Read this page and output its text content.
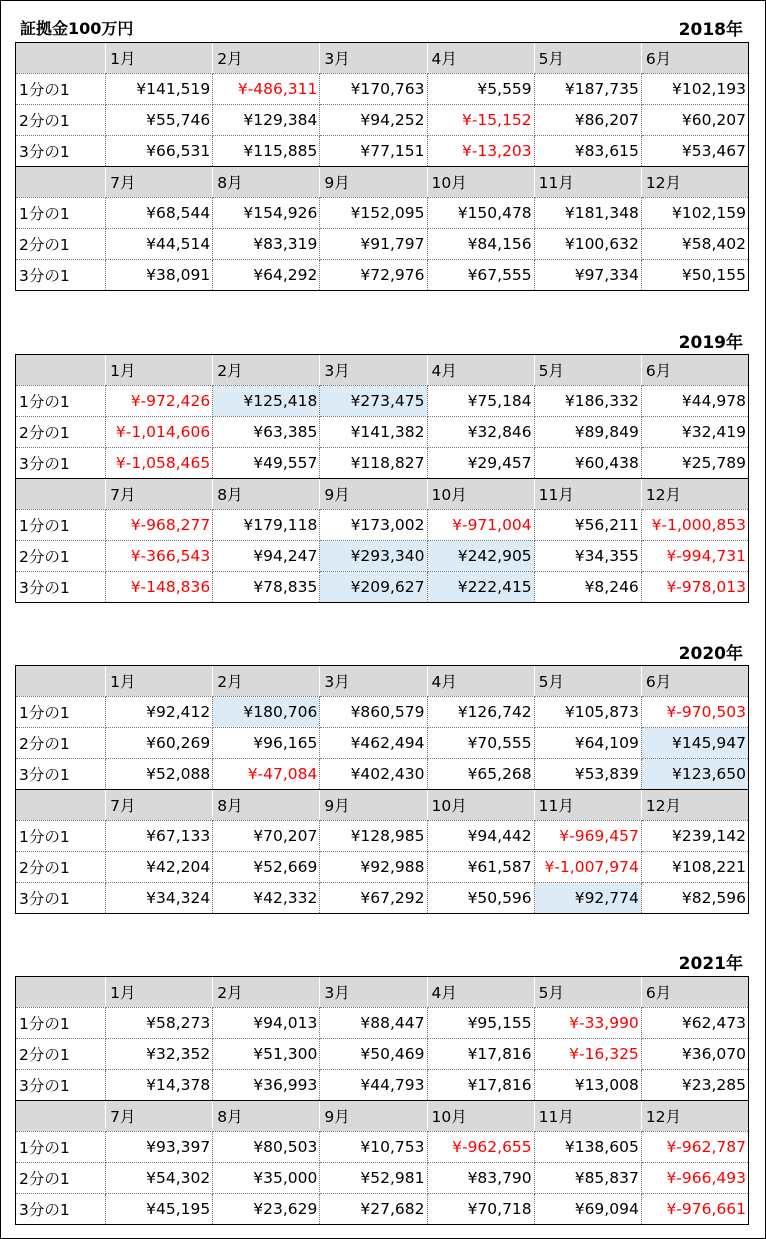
証拠金100万円	2018年
	1月	2月	3月	4月	5月	6月
1分の1	¥141,519	¥-486,311	¥170,763	¥5,559	¥187,735	¥102,193
2分の1	¥55,746	¥129,384	¥94,252	¥-15,152	¥86,207	¥60,207
3分の1	¥66,531	¥115,885	¥77,151	¥-13,203	¥83,615	¥53,467
	7月	8月	9月	10月	11月	12月
1分の1	¥68,544	¥154,926	¥152,095	¥150,478	¥181,348	¥102,159
2分の1	¥44,514	¥83,319	¥91,797	¥84,156	¥100,632	¥58,402
3分の1	¥38,091	¥64,292	¥72,976	¥67,555	¥97,334	¥50,155
2019年
	1月	2月	3月	4月	5月	6月
1分の1	¥-972,426	¥125,418	¥273,475	¥75,184	¥186,332	¥44,978
2分の1	¥-1,014,606	¥63,385	¥141,382	¥32,846	¥89,849	¥32,419
3分の1	¥-1,058,465	¥49,557	¥118,827	¥29,457	¥60,438	¥25,789
	7月	8月	9月	10月	11月	12月
1分の1	¥-968,277	¥179,118	¥173,002	¥-971,004	¥56,211	¥-1,000,853
2分の1	¥-366,543	¥94,247	¥293,340	¥242,905	¥34,355	¥-994,731
3分の1	¥-148,836	¥78,835	¥209,627	¥222,415	¥8,246	¥-978,013
2020年
	1月	2月	3月	4月	5月	6月
1分の1	¥92,412	¥180,706	¥860,579	¥126,742	¥105,873	¥-970,503
2分の1	¥60,269	¥96,165	¥462,494	¥70,555	¥64,109	¥145,947
3分の1	¥52,088	¥-47,084	¥402,430	¥65,268	¥53,839	¥123,650
	7月	8月	9月	10月	11月	12月
1分の1	¥67,133	¥70,207	¥128,985	¥94,442	¥-969,457	¥239,142
2分の1	¥42,204	¥52,669	¥92,988	¥61,587	¥-1,007,974	¥108,221
3分の1	¥34,324	¥42,332	¥67,292	¥50,596	¥92,774	¥82,596
2021年
	1月	2月	3月	4月	5月	6月
1分の1	¥58,273	¥94,013	¥88,447	¥95,155	¥-33,990	¥62,473
2分の1	¥32,352	¥51,300	¥50,469	¥17,816	¥-16,325	¥36,070
3分の1	¥14,378	¥36,993	¥44,793	¥17,816	¥13,008	¥23,285
	7月	8月	9月	10月	11月	12月
1分の1	¥93,397	¥80,503	¥10,753	¥-962,655	¥138,605	¥-962,787
2分の1	¥54,302	¥35,000	¥52,981	¥83,790	¥85,837	¥-966,493
3分の1	¥45,195	¥23,629	¥27,682	¥70,718	¥69,094	¥-976,661
